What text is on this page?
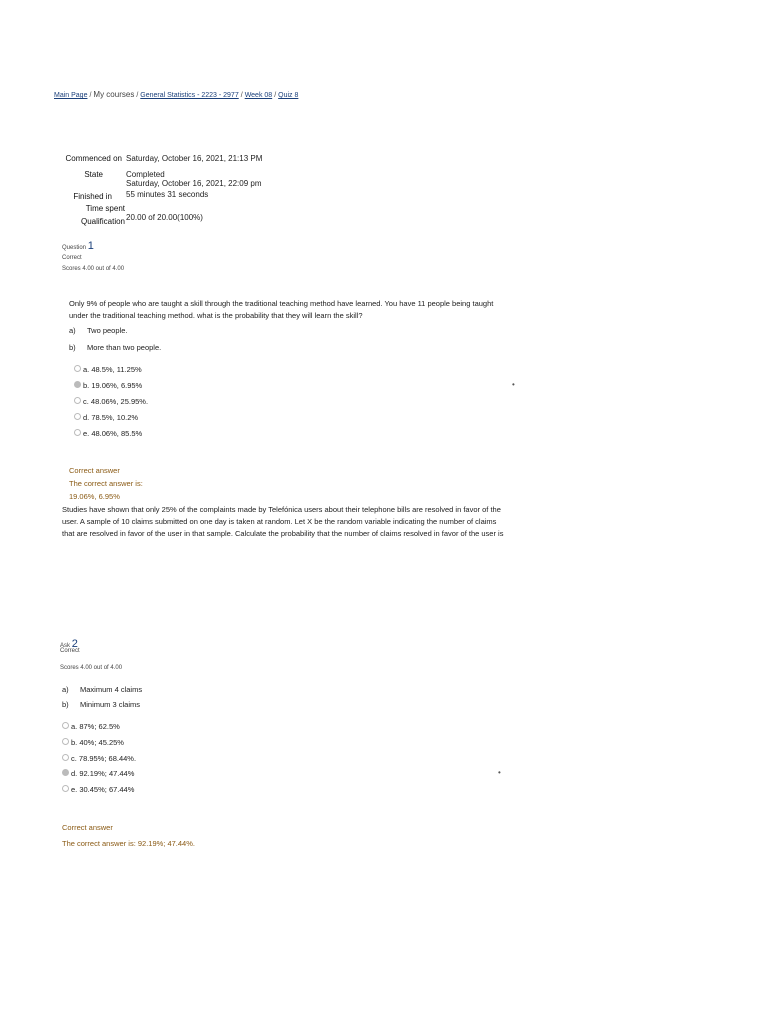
Main Page / My courses / General Statistics - 2223 - 2977 / Week 08 / Quiz 8
Commenced on Saturday, October 16, 2021, 21:13 PM
State	Completed
Saturday, October 16, 2021, 22:09 pm
Finished in 55 minutes 31 seconds
Time spent
Qualification 20.00 of 20.00(100%)
Question 1
Correct
Scores 4.00 out of 4.00
Only 9% of people who are taught a skill through the traditional teaching method have learned. You have 11 people being taught
under the traditional teaching method. what is the probability that they will learn the skill?
a) Two people.
b) More than two people.
a. 48.5%, 11.25%
b. 19.06%, 6.95%
c. 48.06%, 25.95%.
d. 78.5%, 10.2%
e. 48.06%, 85.5%
•
Correct answer
The correct answer is:
19.06%, 6.95%
Studies have shown that only 25% of the complaints made by Telefónica users about their telephone bills are resolved in favor of the
user. A sample of 10 claims submitted on one day is taken at random. Let X be the random variable indicating the number of claims
that are resolved in favor of the user in that sample. Calculate the probability that the number of claims resolved in favor of the user is
Ask 2
Correct
Scores 4.00 out of 4.00
a) Maximum 4 claims
b) Minimum 3 claims
a. 87%; 62.5%
b. 40%; 45.25%
c. 78.95%; 68.44%.
d. 92.19%; 47.44%
e. 30.45%; 67.44%
•
Correct answer
The correct answer is: 92.19%; 47.44%.
